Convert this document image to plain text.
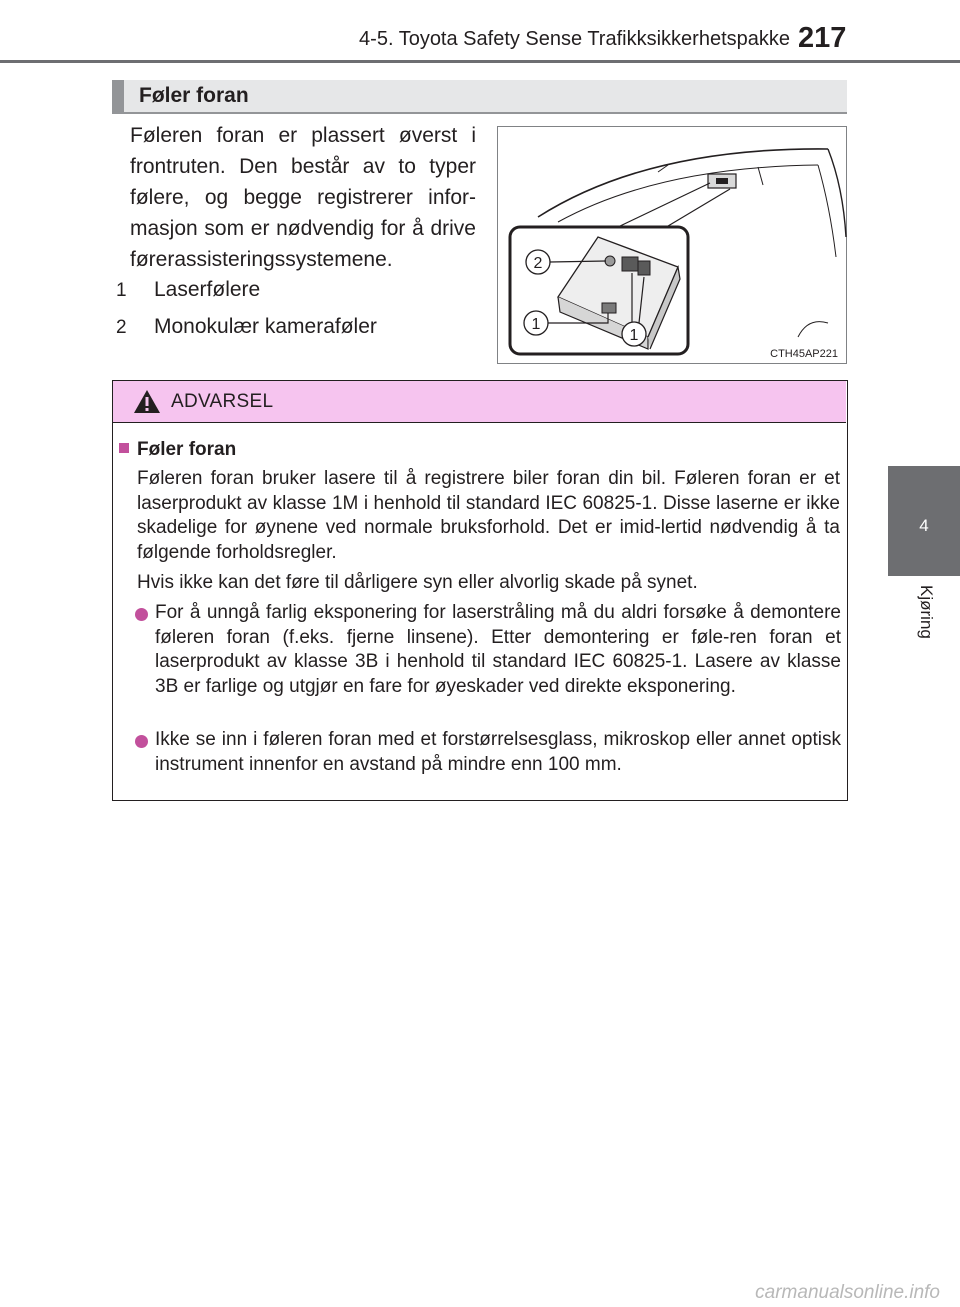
4-5. Toyota Safety Sense Trafikksikkerhetspakke 217
4
Kjøring
Føler foran

Føleren foran er plassert øverst i frontruten. Den består av to typer følere, og begge registrerer infor-masjon som er nødvendig for å drive førerassisteringssystemene.

1 Laserfølere
2 Monokulær kameraføler
2
1
1
CTH45AP221
ADVARSEL
Føler foran

Føleren foran bruker lasere til å registrere biler foran din bil. Føleren foran er et laserprodukt av klasse 1M i henhold til standard IEC 60825-1. Disse laserne er ikke skadelige for øynene ved normale bruksforhold. Det er imid-lertid nødvendig å ta følgende forholdsregler.

Hvis ikke kan det føre til dårligere syn eller alvorlig skade på synet.

For å unngå farlig eksponering for laserstråling må du aldri forsøke å demontere føleren foran (f.eks. fjerne linsene). Etter demontering er føle-ren foran et laserprodukt av klasse 3B i henhold til standard IEC 60825-1. Lasere av klasse 3B er farlige og utgjør en fare for øyeskader ved direkte eksponering.

Ikke se inn i føleren foran med et forstørrelsesglass, mikroskop eller annet optisk instrument innenfor en avstand på mindre enn 100 mm.

carmanualsonline.info
